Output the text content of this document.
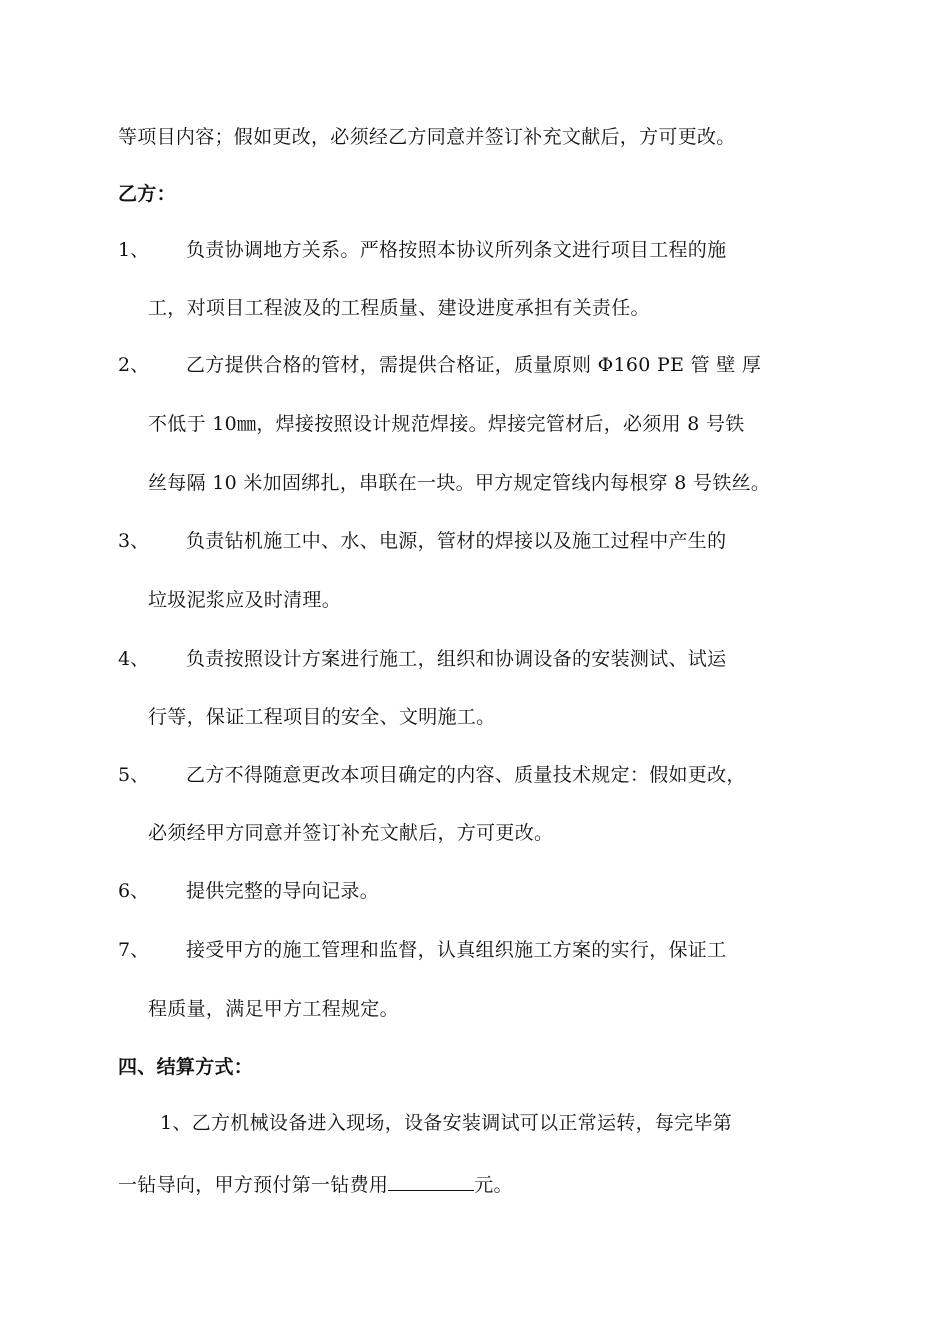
等项目内容；假如更改，必须经乙方同意并签订补充文献后，方可更改。
乙方：
1、 负责协调地方关系。严格按照本协议所列条文进行项目工程的施
工，对项目工程波及的工程质量、建设进度承担有关责任。
2、 乙方提供合格的管材，需提供合格证，质量原则 Φ160 PE 管 壁 厚
不低于 10㎜，焊接按照设计规范焊接。焊接完管材后，必须用 8 号铁
丝每隔 10 米加固绑扎，串联在一块。甲方规定管线内每根穿 8 号铁丝。
3、 负责钻机施工中、水、电源，管材的焊接以及施工过程中产生的
垃圾泥浆应及时清理。
4、 负责按照设计方案进行施工，组织和协调设备的安装测试、试运
行等，保证工程项目的安全、文明施工。
5、 乙方不得随意更改本项目确定的内容、质量技术规定：假如更改，
必须经甲方同意并签订补充文献后，方可更改。
6、 提供完整的导向记录。
7、 接受甲方的施工管理和监督，认真组织施工方案的实行，保证工
程质量，满足甲方工程规定。
四、结算方式：
1、乙方机械设备进入现场，设备安装调试可以正常运转，每完毕第
一钻导向，甲方预付第一钻费用	元。
